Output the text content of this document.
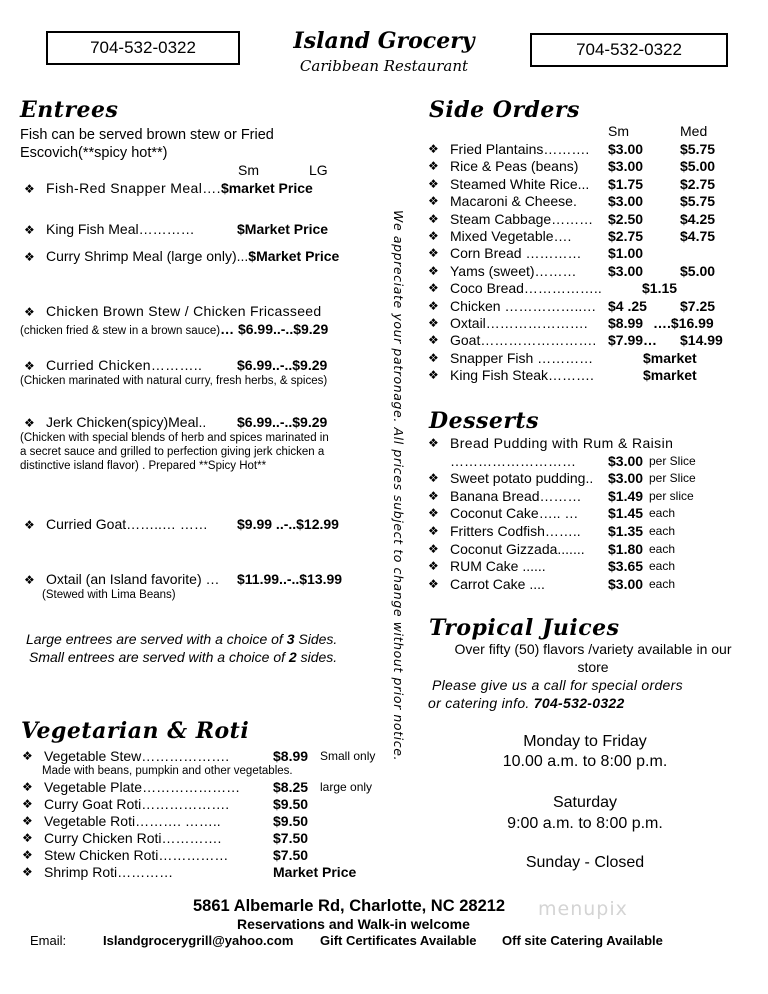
704-532-0322	704-532-0322
Island Grocery
Caribbean Restaurant
Entrees
Fish can be served brown stew or Fried
Escovich(**spicy hot**)
Sm	LG
❖ Fish-Red Snapper Meal….$market Price
❖ King Fish Meal…………	$Market Price
❖ Curry Shrimp Meal (large only)...$Market Price
❖ Chicken Brown Stew / Chicken Fricasseed
(chicken fried & stew in a brown sauce)… $6.99..-..$9.29
❖ Curried Chicken……….. $6.99..-..$9.29
(Chicken marinated with natural curry, fresh herbs, & spices)
❖ Jerk Chicken(spicy)Meal.. $6.99..-..$9.29
(Chicken with special blends of herb and spices marinated in
a secret sauce and grilled to perfection giving jerk chicken a
distinctive island flavor) . Prepared **Spicy Hot**
❖ Curried Goat……..… …… $9.99 ..-..$12.99
❖ Oxtail (an Island favorite) … $11.99..-..$13.99
(Stewed with Lima Beans)
Large entrees are served with a choice of 3 Sides.
Small entrees are served with a choice of 2 sides.	We appreciate your patronage. All prices subject to change without prior notice.
Side Orders
Sm	Med
❖ Fried Plantains………. $3.00	$5.75
❖ Rice & Peas (beans) $3.00	$5.00
❖ Steamed White Rice... $1.75	$2.75
❖ Macaroni & Cheese. $3.00	$5.75
❖ Steam Cabbage……… $2.50	$4.25
❖ Mixed Vegetable….	$2.75	$4.75
❖ Corn Bread ………… $1.00
❖ Yams (sweet)……… $3.00	$5.00
❖ Coco Bread……………..	$1.15
❖ Chicken ……………..… $4 .25 $7.25
❖ Oxtail…………………. $8.99 ….$16.99
❖ Goat……………………. $7.99… $14.99
❖ Snapper Fish …………	$market
❖ King Fish Steak……….	$market
Desserts
❖ Bread Pudding with Rum & Raisin
……………………… $3.00 per Slice
❖ Sweet potato pudding.. $3.00 per Slice
❖ Banana Bread……… $1.49 per slice
❖ Coconut Cake….. … $1.45 each
❖ Fritters Codfish…….. $1.35 each
❖ Coconut Gizzada....... $1.80 each
❖ RUM Cake ......	$3.65 each
❖ Carrot Cake ....	$3.00 each
Tropical Juices
Over fifty (50) flavors /variety available in our
store
Please give us a call for special orders
or catering info. 704-532-0322
Monday to Friday
10.00 a.m. to 8:00 p.m.
Saturday
9:00 a.m. to 8:00 p.m.
Sunday - Closed
Vegetarian & Roti
❖ Vegetable Stew……………….	$8.99 Small only
❖ Vegetable Plate………………… $8.25 large only
❖ Curry Goat Roti……………….	$9.50
❖ Vegetable Roti………. ……..	$9.50
❖ Curry Chicken Roti………….	$7.50
❖ Stew Chicken Roti……………	$7.50
❖ Shrimp Roti…………	Market Price
Made with beans, pumpkin and other vegetables.
5861 Albemarle Rd, Charlotte, NC 28212
Reservations and Walk-in welcome
Email:	Islandgrocerygrill@yahoo.com Gift Certificates Available Off site Catering Available
menupix
